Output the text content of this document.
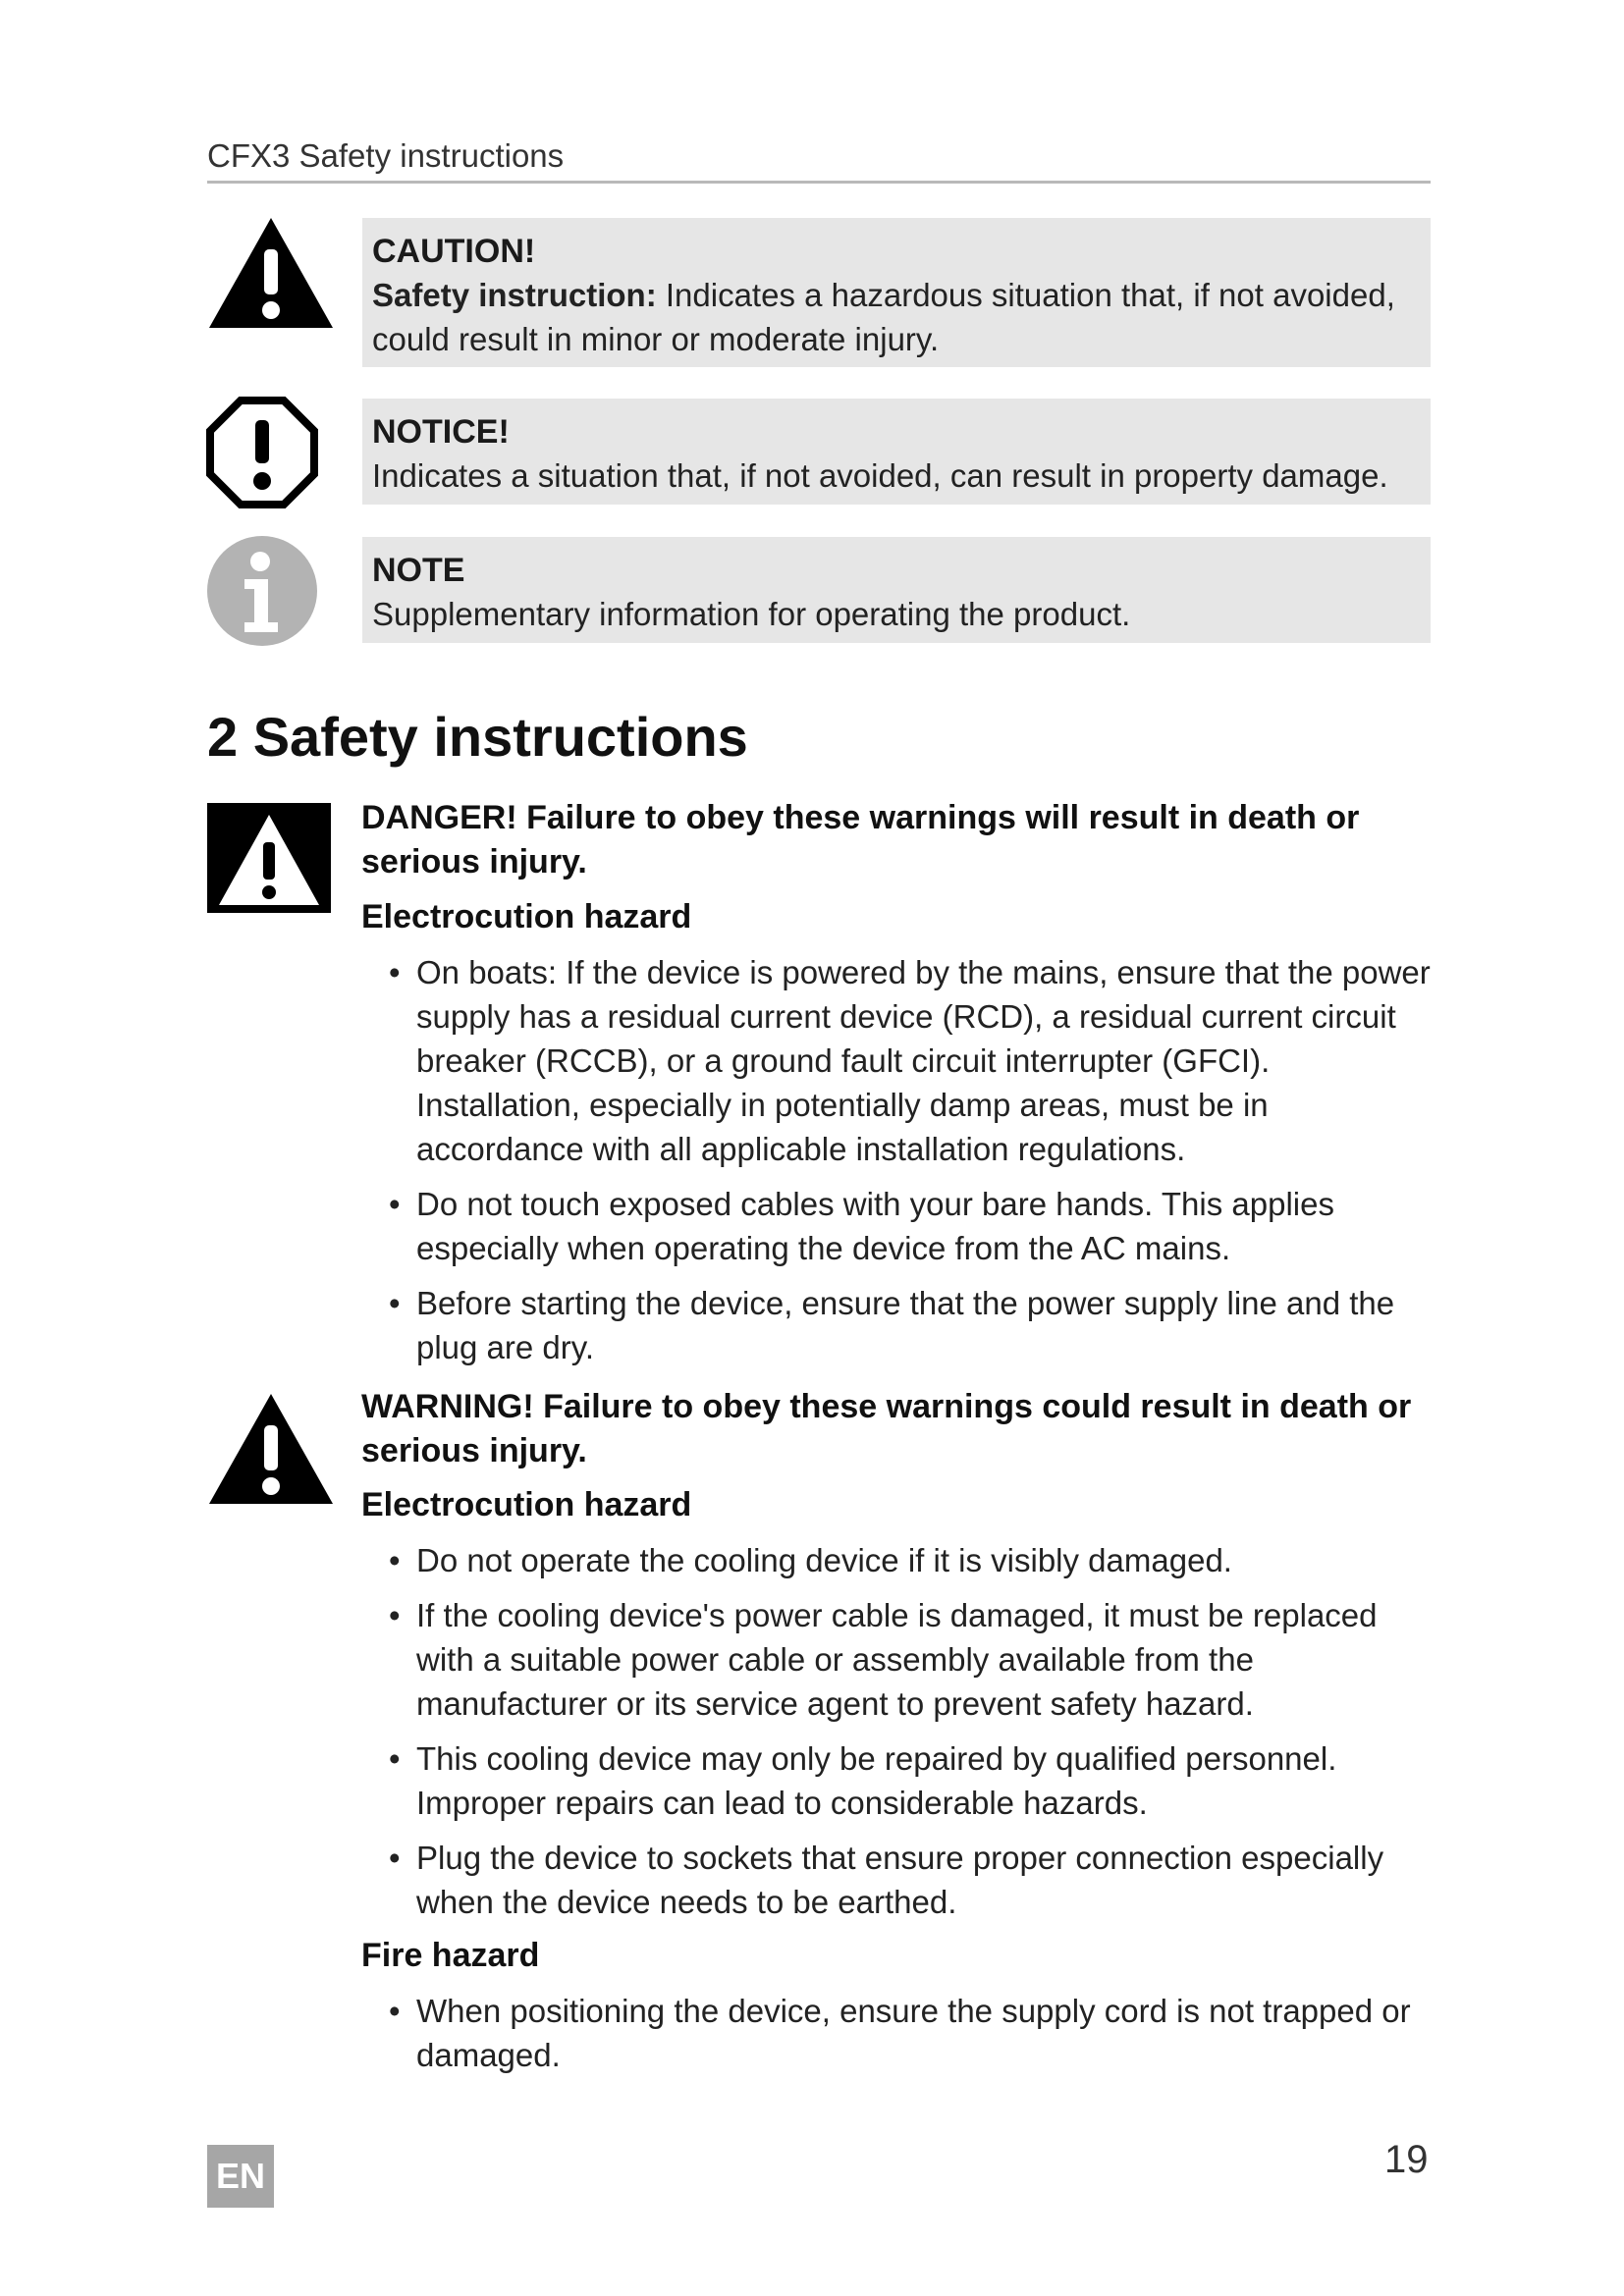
CFX3 Safety instructions
CAUTION!
Safety instruction: Indicates a hazardous situation that, if not avoided, could result in minor or moderate injury.
NOTICE!
Indicates a situation that, if not avoided, can result in property damage.
NOTE
Supplementary information for operating the product.
2 Safety instructions
DANGER! Failure to obey these warnings will result in death or serious injury.
Electrocution hazard
• On boats: If the device is powered by the mains, ensure that the power supply has a residual current device (RCD), a residual current circuit breaker (RCCB), or a ground fault circuit interrupter (GFCI). Installation, especially in potentially damp areas, must be in accordance with all applicable installation regulations.
• Do not touch exposed cables with your bare hands. This applies especially when operating the device from the AC mains.
• Before starting the device, ensure that the power supply line and the plug are dry.
WARNING! Failure to obey these warnings could result in death or serious injury.
Electrocution hazard
• Do not operate the cooling device if it is visibly damaged.
• If the cooling device's power cable is damaged, it must be replaced with a suitable power cable or assembly available from the manufacturer or its service agent to prevent safety hazard.
• This cooling device may only be repaired by qualified personnel. Improper repairs can lead to considerable hazards.
• Plug the device to sockets that ensure proper connection especially when the device needs to be earthed.
Fire hazard
• When positioning the device, ensure the supply cord is not trapped or damaged.
EN	19
